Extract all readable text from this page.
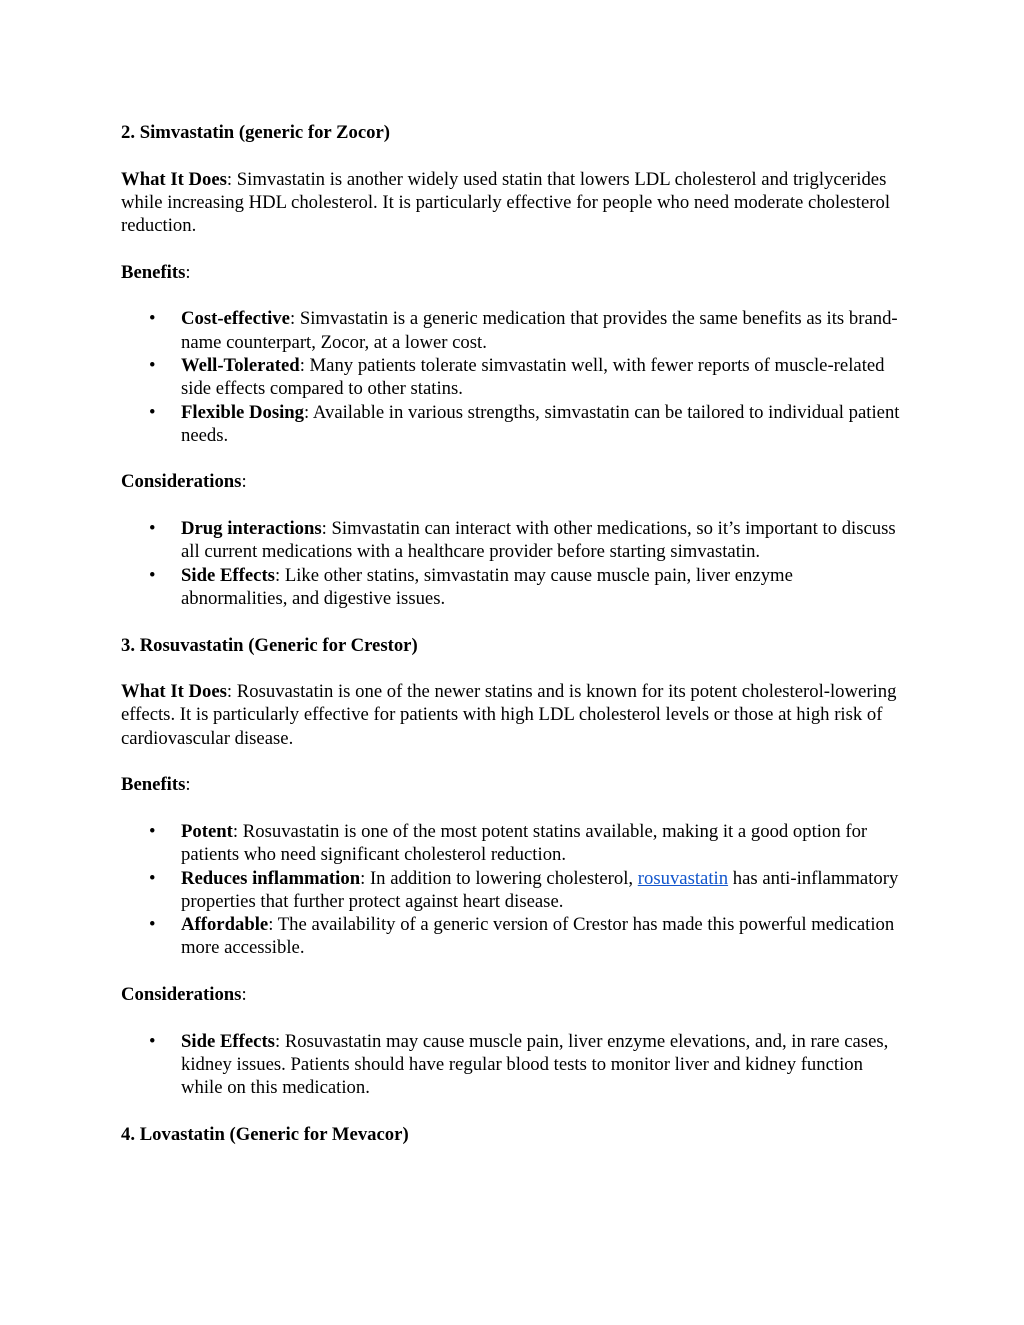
2. Simvastatin (generic for Zocor)

What It Does: Simvastatin is another widely used statin that lowers LDL cholesterol and triglycerides while increasing HDL cholesterol. It is particularly effective for people who need moderate cholesterol reduction.

Benefits:

• Cost-effective: Simvastatin is a generic medication that provides the same benefits as its brand-name counterpart, Zocor, at a lower cost.
• Well-Tolerated: Many patients tolerate simvastatin well, with fewer reports of muscle-related side effects compared to other statins.
• Flexible Dosing: Available in various strengths, simvastatin can be tailored to individual patient needs.

Considerations:

• Drug interactions: Simvastatin can interact with other medications, so it’s important to discuss all current medications with a healthcare provider before starting simvastatin.
• Side Effects: Like other statins, simvastatin may cause muscle pain, liver enzyme abnormalities, and digestive issues.

3. Rosuvastatin (Generic for Crestor)

What It Does: Rosuvastatin is one of the newer statins and is known for its potent cholesterol-lowering effects. It is particularly effective for patients with high LDL cholesterol levels or those at high risk of cardiovascular disease.

Benefits:

• Potent: Rosuvastatin is one of the most potent statins available, making it a good option for patients who need significant cholesterol reduction.
• Reduces inflammation: In addition to lowering cholesterol, rosuvastatin has anti-inflammatory properties that further protect against heart disease.
• Affordable: The availability of a generic version of Crestor has made this powerful medication more accessible.

Considerations:

• Side Effects: Rosuvastatin may cause muscle pain, liver enzyme elevations, and, in rare cases, kidney issues. Patients should have regular blood tests to monitor liver and kidney function while on this medication.

4. Lovastatin (Generic for Mevacor)
